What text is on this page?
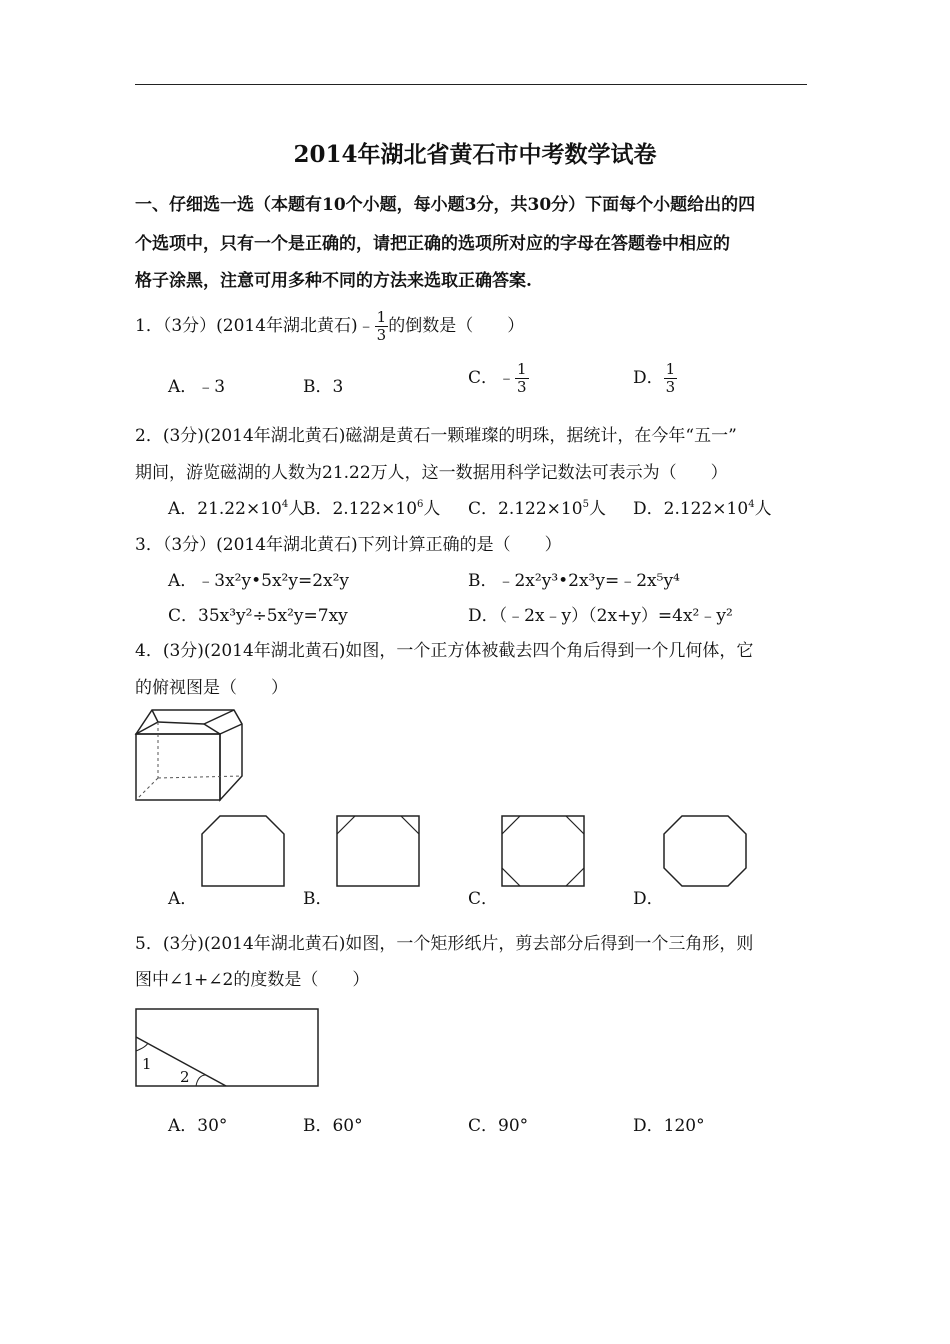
2014年湖北省黄石市中考数学试卷
一、仔细选一选（本题有10个小题，每小题3分，共30分）下面每个小题给出的四
个选项中，只有一个是正确的，请把正确的选项所对应的字母在答题卷中相应的
格子涂黑，注意可用多种不同的方法来选取正确答案.
1．（3分）(2014年湖北黄石)﹣ $\frac{1}{3}$ 的倒数是（　　）
A．﹣3	B．3	C．﹣ $\frac{1}{3}$	D． $\frac{1}{3}$
2．(3分)(2014年湖北黄石)磁湖是黄石一颗璀璨的明珠，据统计，在今年“五一”
期间，游览磁湖的人数为21.22万人，这一数据用科学记数法可表示为（　　）
A．$21.22\times 10^4$人
B．$2.122\times 10^6$人 C．$2.122\times 10^5$人 D．$2.122\times 10^4$人
3．（3分）(2014年湖北黄石)下列计算正确的是（　　）
A．﹣3x²y•5x²y=2x²y	B．﹣2x²y³•2x³y=﹣2x⁵y⁴
C．35x³y²÷5x²y=7xy	D．（﹣2x﹣y）（2x+y）=4x²﹣y²
4．(3分)(2014年湖北黄石)如图，一个正方体被截去四个角后得到一个几何体，它
的俯视图是（　　）
A．	B．	C．	D．
5．(3分)(2014年湖北黄石)如图，一个矩形纸片，剪去部分后得到一个三角形，则
图中∠1+∠2的度数是（　　）
1
2
A．30°	B．60°	C．90°	D．120°
